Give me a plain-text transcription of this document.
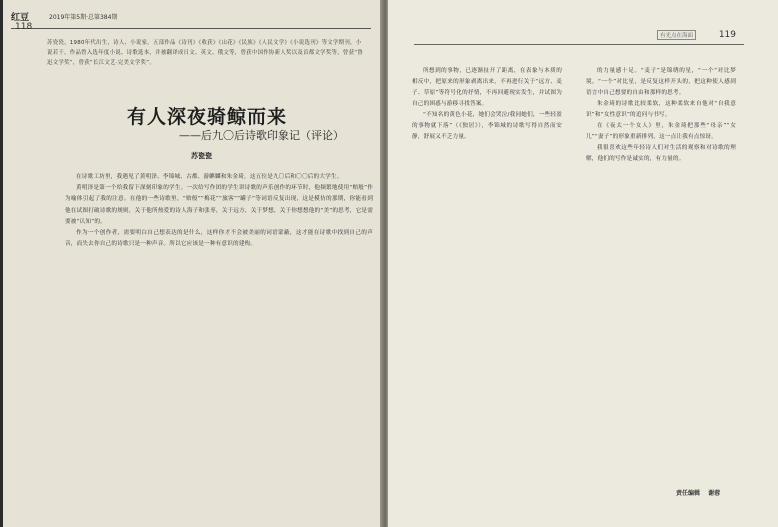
红豆	2019年第5期·总第384期
118
苏瓷瓷，1980年代出生，诗人、小说家。五部作品《诗刊》《收获》《山花》《民族》《人民文学》《小说选刊》等文学期刊，小说若干，作品曾入选年度小说、诗歌选本，并被翻译成日文、英文、俄文等，曾获中国作协新人奖以及首都文学奖等，曾获“鲁迅文学奖”，曾获“长江文艺·完美文学奖”。
有人深夜骑鲸而来
——后九〇后诗歌印象记（评论）
苏瓷瓷

在诗歌工坊里，我遇见了黄明泽、李锦城、古都、游麒麟和朱金琦，这五位是九〇后和〇〇后的大学生。

黄明泽是第一个给我留下深刻印象的学生。一次给写作团的学生讲诗歌的声乐创作的环节时，他频繁地使用“赔般”作为喻体引起了我的注意。在他的一些诗歌里，“赔般”“梅花”“旅客”“罐子”等词语反复出现，这是模仿的那期，你能看到他在试图打破诗歌的规则，关于他所热爱的诗人海子和张枣，关于远方，关于梦想，关于你想想他的“美”的思考，它是需要被“认知”的。

作为一个创作者，需要明白自己想表达的是什么，这样你才不会被美丽的词语蒙蔽，这才能在诗歌中找到自己的声音，而失去你自己的诗歌只是一种声音。所以它应该是一种有意识的建构。

有光点在海面	119

所想到的事物，已逐渐扯开了距离，在表象与本质的相反中，把原来的形象剥离出来，不再进行关于“远方、麦子、草原”等符号化的抒情，不再回避现实发生，并试图为自己的困惑与游移寻找答案。

“不知名的黄色小花，她们会哭泣/我同她们，一些轻盈的事物就下落”（《独居》），李锦城的诗歌写得自然而安静，舒展又不乏力量。

的力量感十足。“麦子”是锦绣的星，“一个”对比梦境，“一个”对比星，是反复这样开头的，把这种使人感到语言中自己想要的自由和那样的思考。

朱金琦的诗歌比较柔软，这种柔软来自他对“自我意识”和“女性意识”的追问与书写。

在《夜太一个女人》里，朱金琦把那些“母亲”“女儿”“妻子”的形象重新排列，这一点让我有点惊讶。

我很喜欢这些年轻诗人们对生活的观察和对诗歌的理解，他们的写作是诚实的，有力量的。

责任编辑 谢蓉
